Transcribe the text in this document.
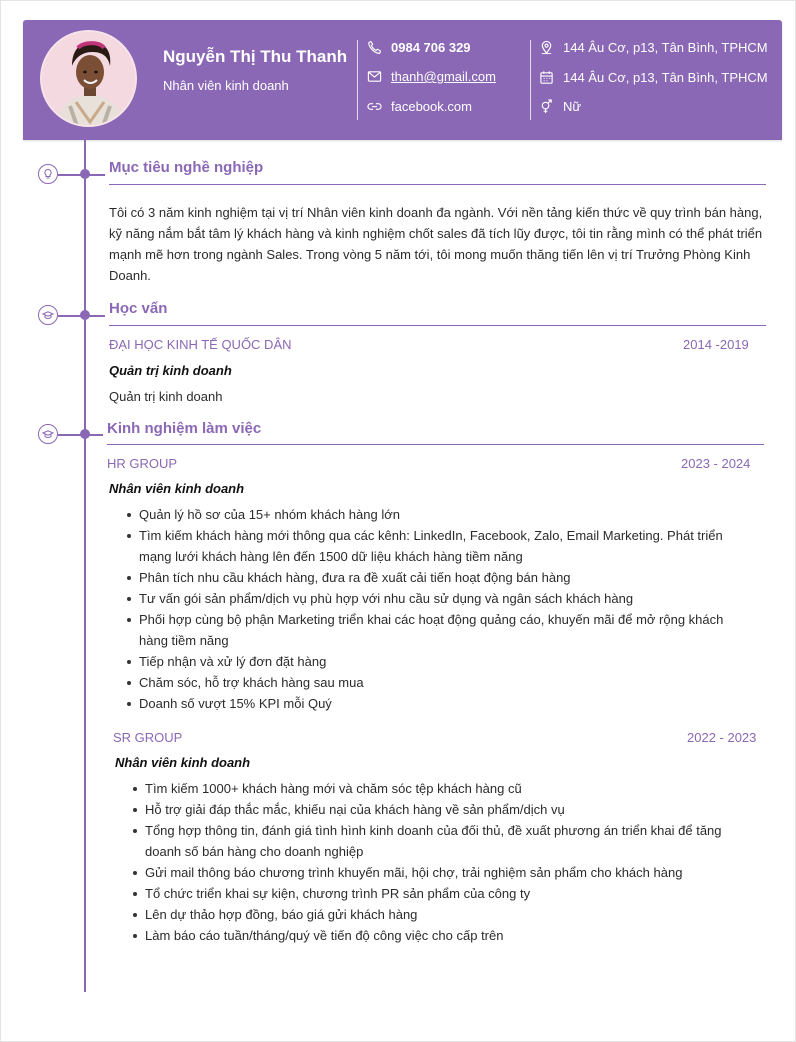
Nguyễn Thị Thu Thanh
Nhân viên kinh doanh
0984 706 329
thanh@gmail.com
facebook.com
144 Âu Cơ, p13, Tân Bình, TPHCM
144 Âu Cơ, p13, Tân Bình, TPHCM
Nữ
Mục tiêu nghề nghiệp
Tôi có 3 năm kinh nghiệm tại vị trí Nhân viên kinh doanh đa ngành. Với nền tảng kiến thức về quy trình bán hàng, kỹ năng nắm bắt tâm lý khách hàng và kinh nghiệm chốt sales đã tích lũy được, tôi tin rằng mình có thể phát triển mạnh mẽ hơn trong ngành Sales. Trong vòng 5 năm tới, tôi mong muốn thăng tiến lên vị trí Trưởng Phòng Kinh Doanh.
Học vấn
ĐẠI HỌC KINH TẾ QUỐC DÂN	2014 -2019
Quản trị kinh doanh
Quản trị kinh doanh
Kinh nghiệm làm việc
HR GROUP	2023 - 2024
Nhân viên kinh doanh
Quản lý hồ sơ của 15+ nhóm khách hàng lớn
Tìm kiếm khách hàng mới thông qua các kênh: LinkedIn, Facebook, Zalo, Email Marketing. Phát triển mạng lưới khách hàng lên đến 1500 dữ liệu khách hàng tiềm năng
Phân tích nhu cầu khách hàng, đưa ra đề xuất cải tiến hoạt động bán hàng
Tư vấn gói sản phẩm/dịch vụ phù hợp với nhu cầu sử dụng và ngân sách khách hàng
Phối hợp cùng bộ phận Marketing triển khai các hoạt động quảng cáo, khuyến mãi để mở rộng khách hàng tiềm năng
Tiếp nhận và xử lý đơn đặt hàng
Chăm sóc, hỗ trợ khách hàng sau mua
Doanh số vượt 15% KPI mỗi Quý
SR GROUP	2022 - 2023
Nhân viên kinh doanh
Tìm kiếm 1000+ khách hàng mới và chăm sóc tệp khách hàng cũ
Hỗ trợ giải đáp thắc mắc, khiếu nại của khách hàng về sản phẩm/dịch vụ
Tổng hợp thông tin, đánh giá tình hình kinh doanh của đối thủ, đề xuất phương án triển khai để tăng doanh số bán hàng cho doanh nghiệp
Gửi mail thông báo chương trình khuyến mãi, hội chợ, trải nghiệm sản phẩm cho khách hàng
Tổ chức triển khai sự kiện, chương trình PR sản phẩm của công ty
Lên dự thảo hợp đồng, báo giá gửi khách hàng
Làm báo cáo tuần/tháng/quý về tiến độ công việc cho cấp trên
